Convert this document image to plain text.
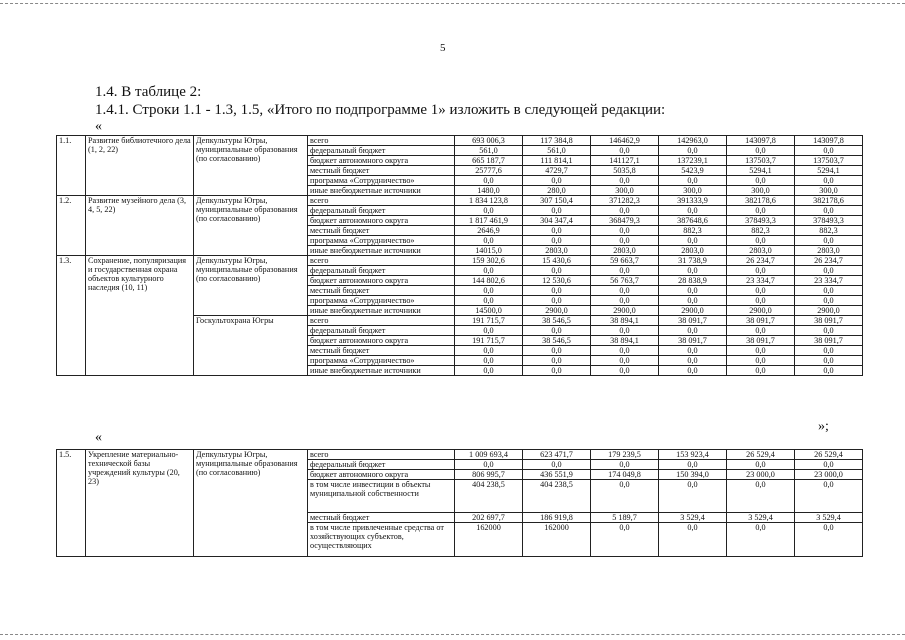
5
1.4. В таблице 2:
1.4.1. Строки 1.1 - 1.3, 1.5, «Итого по подпрограмме 1» изложить в следующей редакции:
«
1.1.	Развитие библиотечного дела (1, 2, 22)	Депкультуры Югры, муниципальные образования (по согласованию)	всего	693 006,3	117 384,8	146462,9	142963,0	143097,8	143097,8
			федеральный бюджет	561,0	561,0	0,0	0,0	0,0	0,0
			бюджет автономного округа	665 187,7	111 814,1	141127,1	137239,1	137503,7	137503,7
			местный бюджет	25777,6	4729,7	5035,8	5423,9	5294,1	5294,1
			программа «Сотрудничество»	0,0	0,0	0,0	0,0	0,0	0,0
			иные внебюджетные источники	1480,0	280,0	300,0	300,0	300,0	300,0
1.2.	Развитие музейного дела (3, 4, 5, 22)	Депкультуры Югры, муниципальные образования (по согласованию)	всего	1 834 123,8	307 150,4	371282,3	391333,9	382178,6	382178,6
			федеральный бюджет	0,0	0,0	0,0	0,0	0,0	0,0
			бюджет автономного округа	1 817 461,9	304 347,4	368479,3	387648,6	378493,3	378493,3
			местный бюджет	2646,9	0,0	0,0	882,3	882,3	882,3
			программа «Сотрудничество»	0,0	0,0	0,0	0,0	0,0	0,0
			иные внебюджетные источники	14015,0	2803,0	2803,0	2803,0	2803,0	2803,0
1.3.	Сохранение, популяризация и государственная охрана объектов культурного наследия (10, 11)	Депкультуры Югры, муниципальные образования (по согласованию)	всего	159 302,6	15 430,6	59 663,7	31 738,9	26 234,7	26 234,7
			федеральный бюджет	0,0	0,0	0,0	0,0	0,0	0,0
			бюджет автономного округа	144 802,6	12 530,6	56 763,7	28 838,9	23 334,7	23 334,7
			местный бюджет	0,0	0,0	0,0	0,0	0,0	0,0
			программа «Сотрудничество»	0,0	0,0	0,0	0,0	0,0	0,0
			иные внебюджетные источники	14500,0	2900,0	2900,0	2900,0	2900,0	2900,0
		Госкультохрана Югры	всего	191 715,7	38 546,5	38 894,1	38 091,7	38 091,7	38 091,7
			федеральный бюджет	0,0	0,0	0,0	0,0	0,0	0,0
			бюджет автономного округа	191 715,7	38 546,5	38 894,1	38 091,7	38 091,7	38 091,7
			местный бюджет	0,0	0,0	0,0	0,0	0,0	0,0
			программа «Сотрудничество»	0,0	0,0	0,0	0,0	0,0	0,0
			иные внебюджетные источники	0,0	0,0	0,0	0,0	0,0	0,0
»;
«
1.5.	Укрепление материально-технической базы учреждений культуры (20, 23)	Депкультуры Югры, муниципальные образования (по согласованию)	всего	1 009 693,4	623 471,7	179 239,5	153 923,4	26 529,4	26 529,4
			федеральный бюджет	0,0	0,0	0,0	0,0	0,0	0,0
			бюджет автономного округа	806 995,7	436 551,9	174 049,8	150 394,0	23 000,0	23 000,0
			в том числе инвестиции в объекты муниципальной собственности	404 238,5	404 238,5	0,0	0,0	0,0	0,0
			местный бюджет	202 697,7	186 919,8	5 189,7	3 529,4	3 529,4	3 529,4
			в том числе привлеченные средства от хозяйствующих субъектов, осуществляющих	162000	162000	0,0	0,0	0,0	0,0
